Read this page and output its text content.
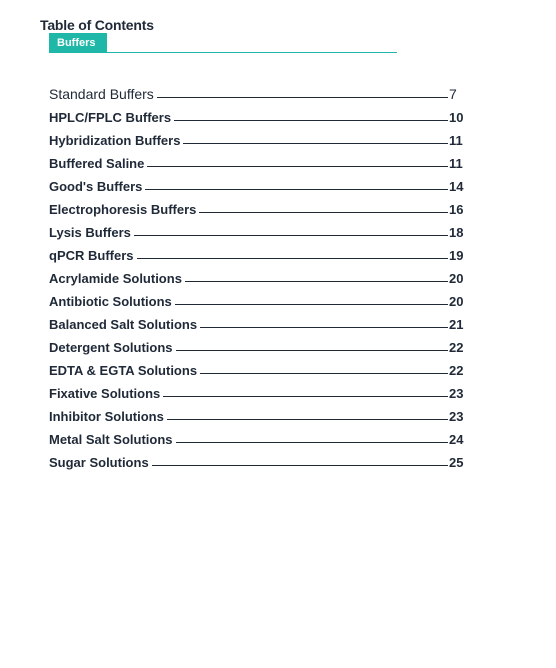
Table of Contents
Buffers
Standard Buffers	7
HPLC/FPLC Buffers	10
Hybridization Buffers	11
Buffered Saline	11
Good's Buffers	14
Electrophoresis Buffers	16
Lysis Buffers	18
qPCR Buffers	19
Acrylamide Solutions	20
Antibiotic Solutions	20
Balanced Salt Solutions	21
Detergent Solutions	22
EDTA & EGTA Solutions	22
Fixative Solutions	23
Inhibitor Solutions	23
Metal Salt Solutions	24
Sugar Solutions	25
